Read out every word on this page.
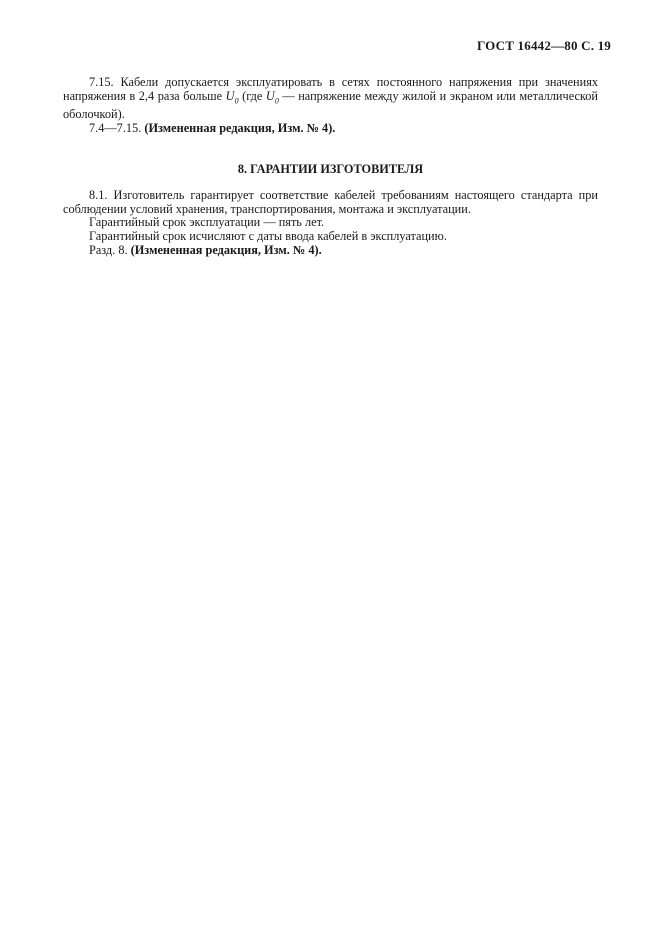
ГОСТ 16442—80 С. 19

7.15. Кабели допускается эксплуатировать в сетях постоянного напряжения при значениях напряжения в 2,4 раза больше $U_0$ (где $U_0$ — напряжение между жилой и экраном или металлической оболочкой).

7.4—7.15. (Измененная редакция, Изм. № 4).

8. ГАРАНТИИ ИЗГОТОВИТЕЛЯ

8.1. Изготовитель гарантирует соответствие кабелей требованиям настоящего стандарта при соблюдении условий хранения, транспортирования, монтажа и эксплуатации.

Гарантийный срок эксплуатации — пять лет.

Гарантийный срок исчисляют с даты ввода кабелей в эксплуатацию.

Разд. 8. (Измененная редакция, Изм. № 4).
